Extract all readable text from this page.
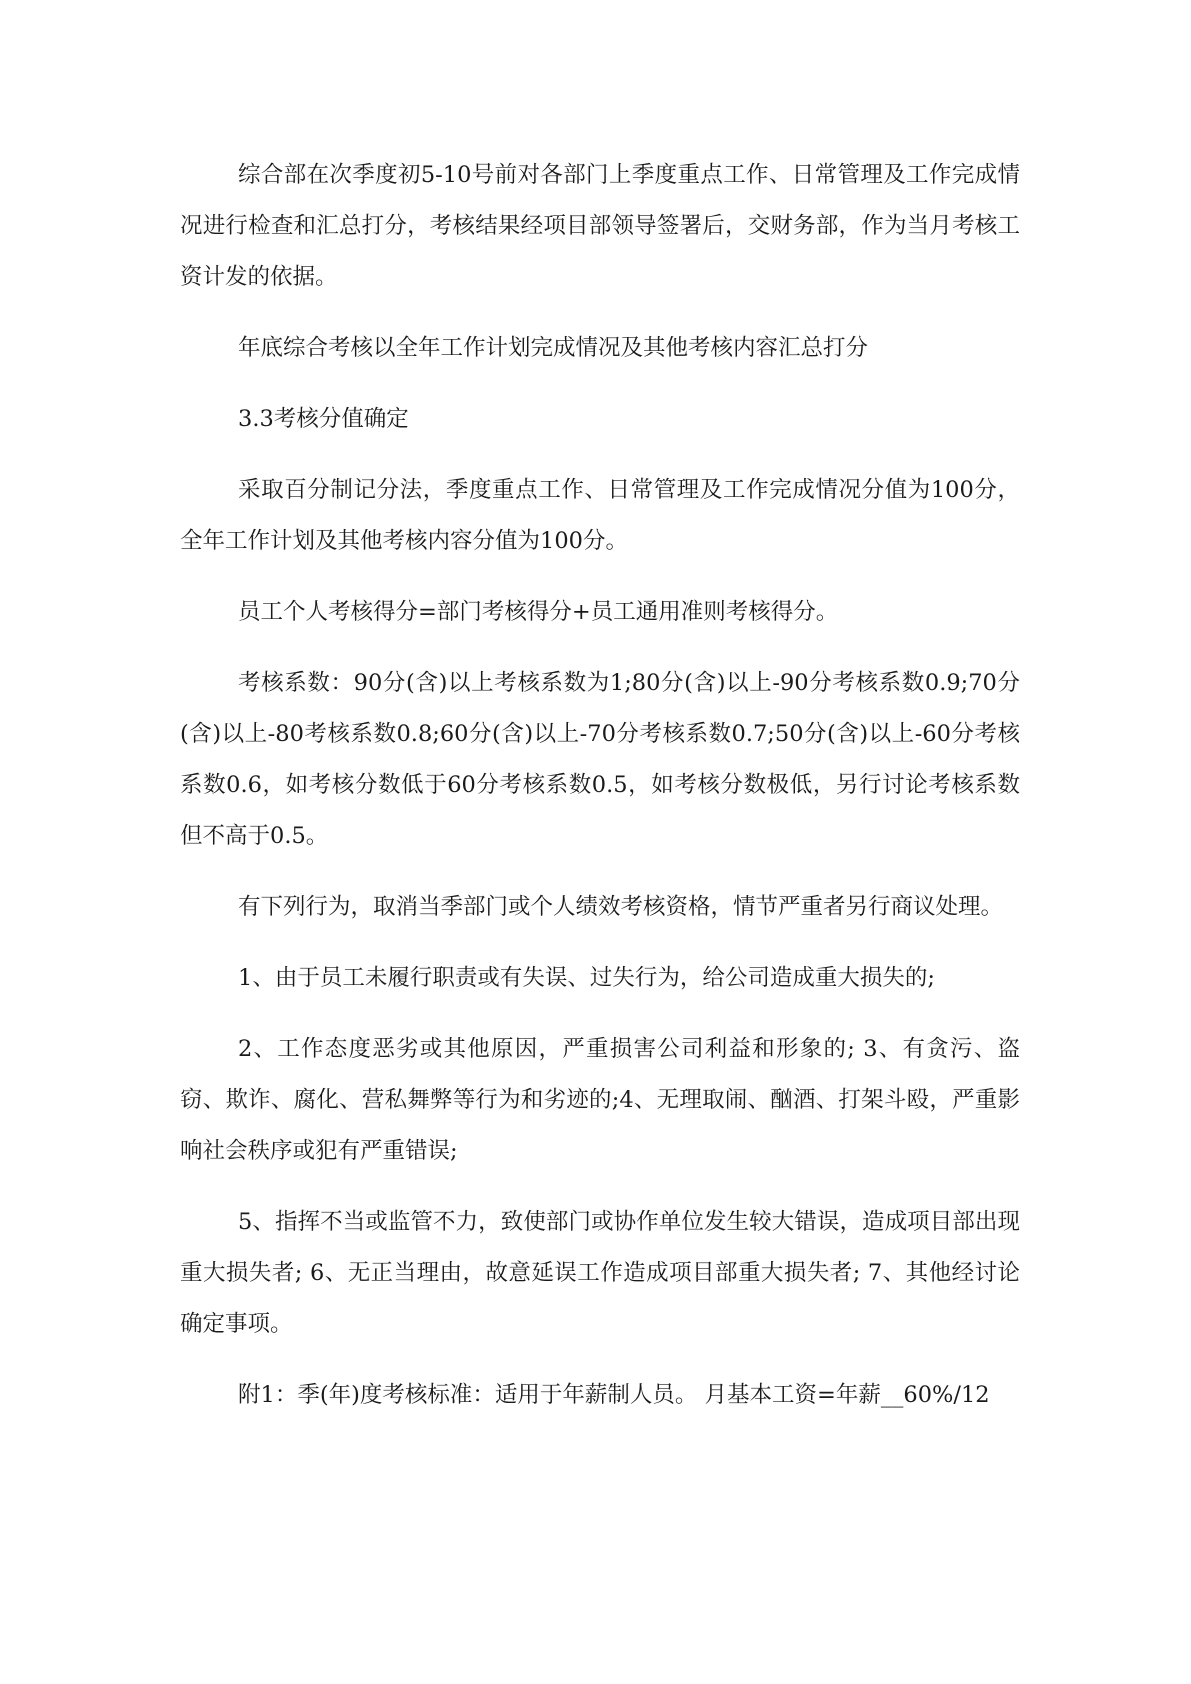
综合部在次季度初5-10号前对各部门上季度重点工作、日常管理及工作完成情况进行检查和汇总打分，考核结果经项目部领导签署后，交财务部，作为当月考核工资计发的依据。

年底综合考核以全年工作计划完成情况及其他考核内容汇总打分

3.3考核分值确定

采取百分制记分法，季度重点工作、日常管理及工作完成情况分值为100分，全年工作计划及其他考核内容分值为100分。

员工个人考核得分=部门考核得分+员工通用准则考核得分。

考核系数：90分(含)以上考核系数为1;80分(含)以上-90分考核系数0.9;70分(含)以上-80考核系数0.8;60分(含)以上-70分考核系数0.7;50分(含)以上-60分考核系数0.6，如考核分数低于60分考核系数0.5，如考核分数极低，另行讨论考核系数但不高于0.5。

有下列行为，取消当季部门或个人绩效考核资格，情节严重者另行商议处理。

1、由于员工未履行职责或有失误、过失行为，给公司造成重大损失的;

2、工作态度恶劣或其他原因，严重损害公司利益和形象的; 3、有贪污、盗窃、欺诈、腐化、营私舞弊等行为和劣迹的;4、无理取闹、酗酒、打架斗殴，严重影响社会秩序或犯有严重错误;

5、指挥不当或监管不力，致使部门或协作单位发生较大错误，造成项目部出现重大损失者; 6、无正当理由，故意延误工作造成项目部重大损失者; 7、其他经讨论确定事项。

附1：季(年)度考核标准：适用于年薪制人员。 月基本工资=年薪__60%/12
